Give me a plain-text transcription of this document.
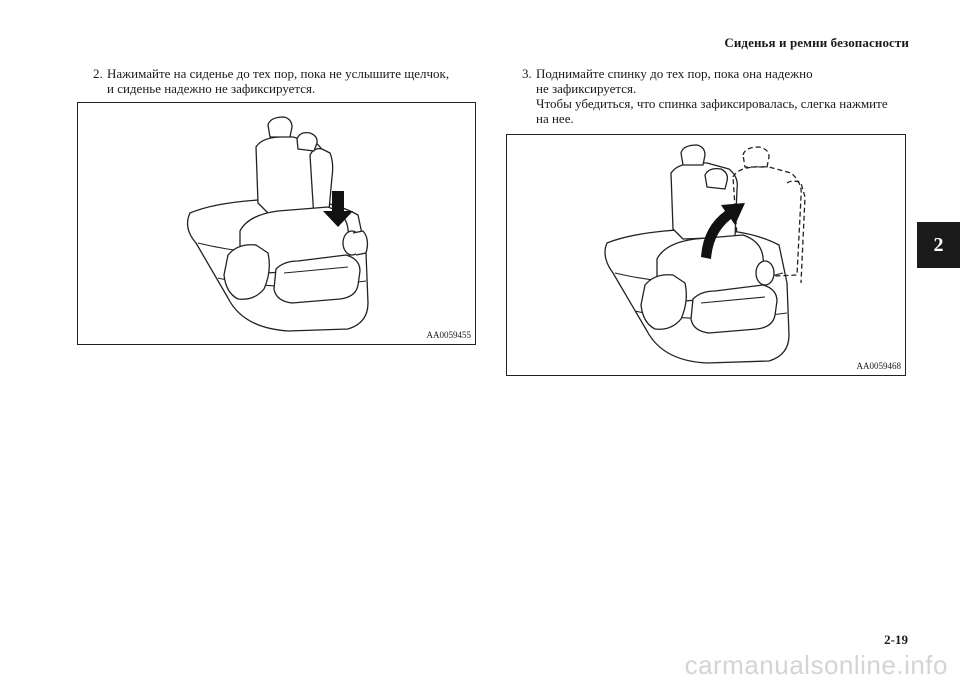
Сиденья и ремни безопасности
2. Нажимайте на сиденье до тех пор, пока не услышите щелчок,
и сиденье надежно не зафиксируется.
3. Поднимайте спинку до тех пор, пока она надежно
не зафиксируется.
Чтобы убедиться, что спинка зафиксировалась, слегка нажмите
на нее.
AA0059455
AA0059468
2
2-19
carmanualsonline.info
